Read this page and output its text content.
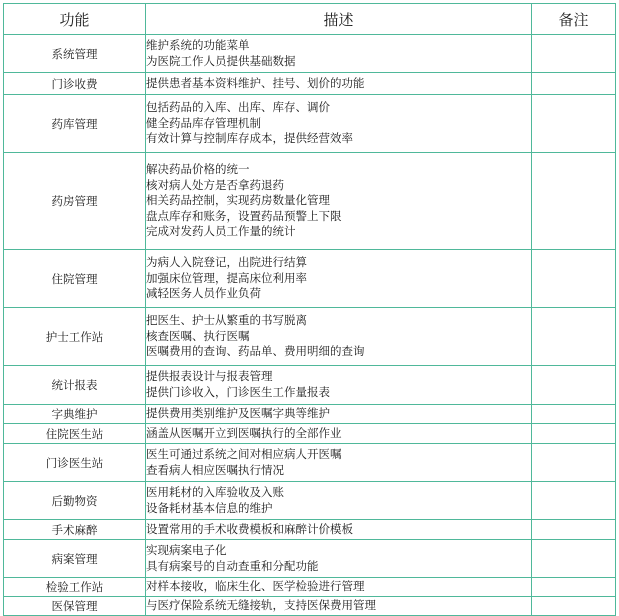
功能	描述	备注
系统管理	维护系统的功能菜单
为医院工作人员提供基础数据	

门诊收费	提供患者基本资料维护、挂号、划价的功能	

药库管理	包括药品的入库、出库、库存、调价
健全药品库存管理机制
有效计算与控制库存成本，提供经营效率	

药房管理	解决药品价格的统一
核对病人处方是否拿药退药
相关药品控制，实现药房数量化管理
盘点库存和账务，设置药品预警上下限
完成对发药人员工作量的统计	

住院管理	为病人入院登记，出院进行结算
加强床位管理，提高床位利用率
减轻医务人员作业负荷	

护士工作站	把医生、护士从繁重的书写脱离
核查医嘱、执行医嘱
医嘱费用的查询、药品单、费用明细的查询	

统计报表	提供报表设计与报表管理
提供门诊收入，门诊医生工作量报表	

字典维护	提供费用类别维护及医嘱字典等维护	

住院医生站	涵盖从医嘱开立到医嘱执行的全部作业	

门诊医生站	医生可通过系统之间对相应病人开医嘱
查看病人相应医嘱执行情况	

后勤物资	医用耗材的入库验收及入账
设备耗材基本信息的维护	

手术麻醉	设置常用的手术收费模板和麻醉计价模板	

病案管理	实现病案电子化
具有病案号的自动查重和分配功能	

检验工作站	对样本接收，临床生化、医学检验进行管理	

医保管理	与医疗保险系统无缝接轨，支持医保费用管理	
